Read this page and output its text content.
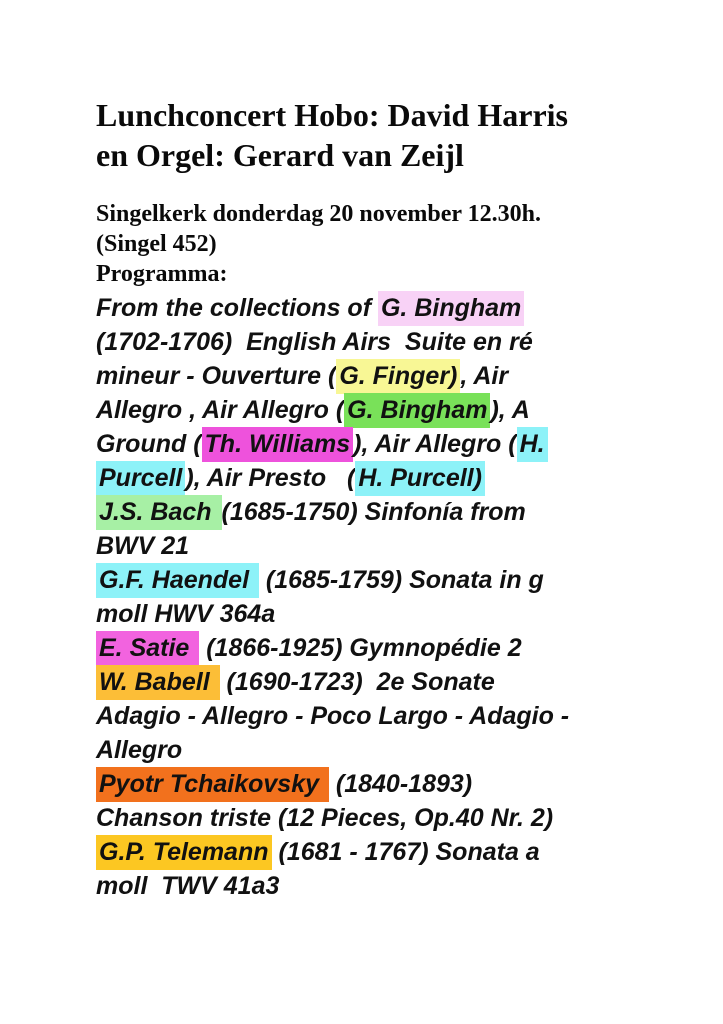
Lunchconcert Hobo: David Harris
en Orgel: Gerard van Zeijl
Singelkerk donderdag 20 november 12.30h.
(Singel 452)
Programma:
From the collections of G. Bingham
(1702-1706)  English Airs  Suite en ré
mineur - Ouverture ( G. Finger) , Air
Allegro , Air Allegro ( G. Bingham ), A
Ground ( Th. Williams ), Air Allegro ( H.
Purcell ), Air Presto   ( H. Purcell)
J.S. Bach (1685-1750) Sinfonía from
BWV 21
G.F. Haendel  (1685-1759) Sonata in g
moll HWV 364a
E. Satie  (1866-1925) Gymnopédie 2
W. Babell  (1690-1723)  2e Sonate
Adagio - Allegro - Poco Largo - Adagio -
Allegro
Pyotr Tchaikovsky  (1840-1893)
Chanson triste (12 Pieces, Op.40 Nr. 2)
G.P. Telemann (1681 - 1767) Sonata a
moll  TWV 41a3
